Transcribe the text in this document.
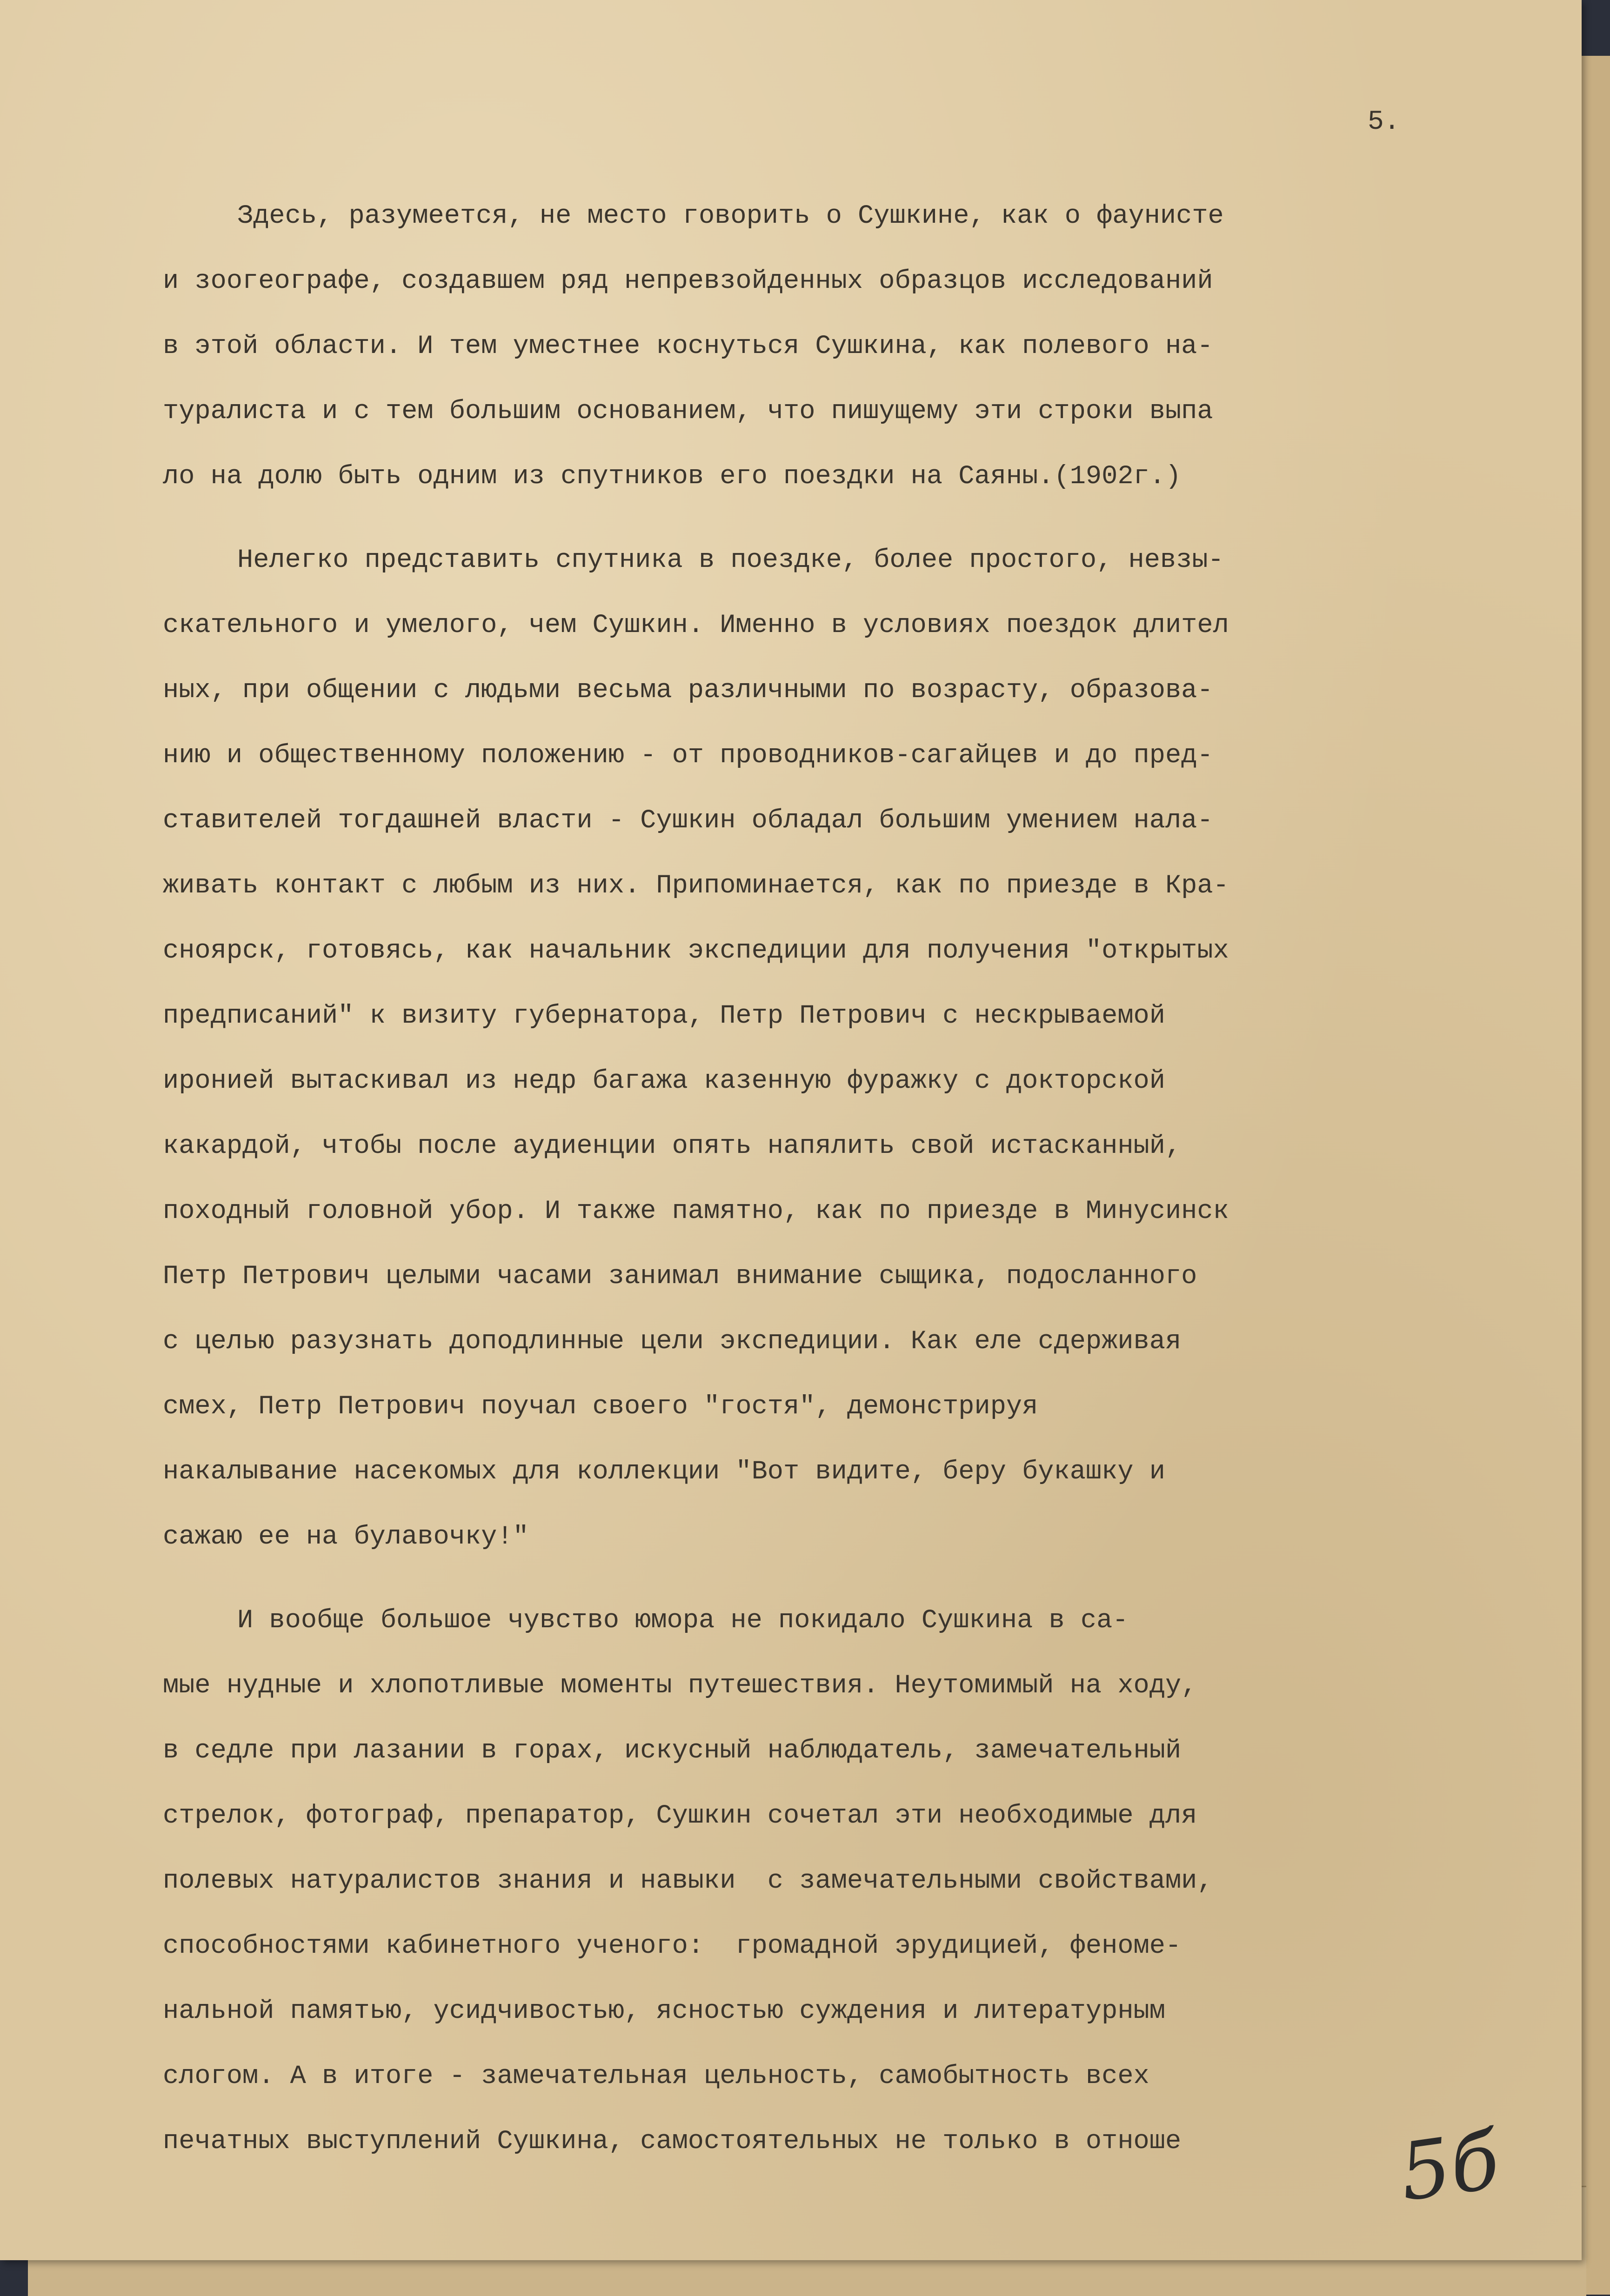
5.

Здесь, разумеется, не место говорить о Сушкине, как о фаунисте
и зоогеографе, создавшем ряд непревзойденных образцов исследований
в этой области. И тем уместнее коснуться Сушкина, как полевого на-
туралиста и с тем большим основанием, что пишущему эти строки выпа
ло на долю быть одним из спутников его поездки на Саяны.(1902г.)
Нелегко представить спутника в поездке, более простого, невзы-
скательного и умелого, чем Сушкин. Именно в условиях поездок длител
ных, при общении с людьми весьма различными по возрасту, образова-
нию и общественному положению - от проводников-сагайцев и до пред-
ставителей тогдашней власти - Сушкин обладал большим умением нала-
живать контакт с любым из них. Припоминается, как по приезде в Кра-
сноярск, готовясь, как начальник экспедиции для получения "открытых
предписаний" к визиту губернатора, Петр Петрович с нескрываемой
иронией вытаскивал из недр багажа казенную фуражку с докторской
какардой, чтобы после аудиенции опять напялить свой истасканный,
походный головной убор. И также памятно, как по приезде в Минусинск
Петр Петрович целыми часами занимал внимание сыщика, подосланного
с целью разузнать доподлинные цели экспедиции. Как еле сдерживая
смех, Петр Петрович поучал своего "гостя", демонстрируя
накалывание насекомых для коллекции "Вот видите, беру букашку и
сажаю ее на булавочку!"
И вообще большое чувство юмора не покидало Сушкина в са-
мые нудные и хлопотливые моменты путешествия. Неутомимый на ходу,
в седле при лазании в горах, искусный наблюдатель, замечательный
стрелок, фотограф, препаратор, Сушкин сочетал эти необходимые для
полевых натуралистов знания и навыки  с замечательными свойствами,
способностями кабинетного ученого:  громадной эрудицией, феноме-
нальной памятью, усидчивостью, ясностью суждения и литературным
слогом. А в итоге - замечательная цельность, самобытность всех
печатных выступлений Сушкина, самостоятельных не только в отноше	5б
